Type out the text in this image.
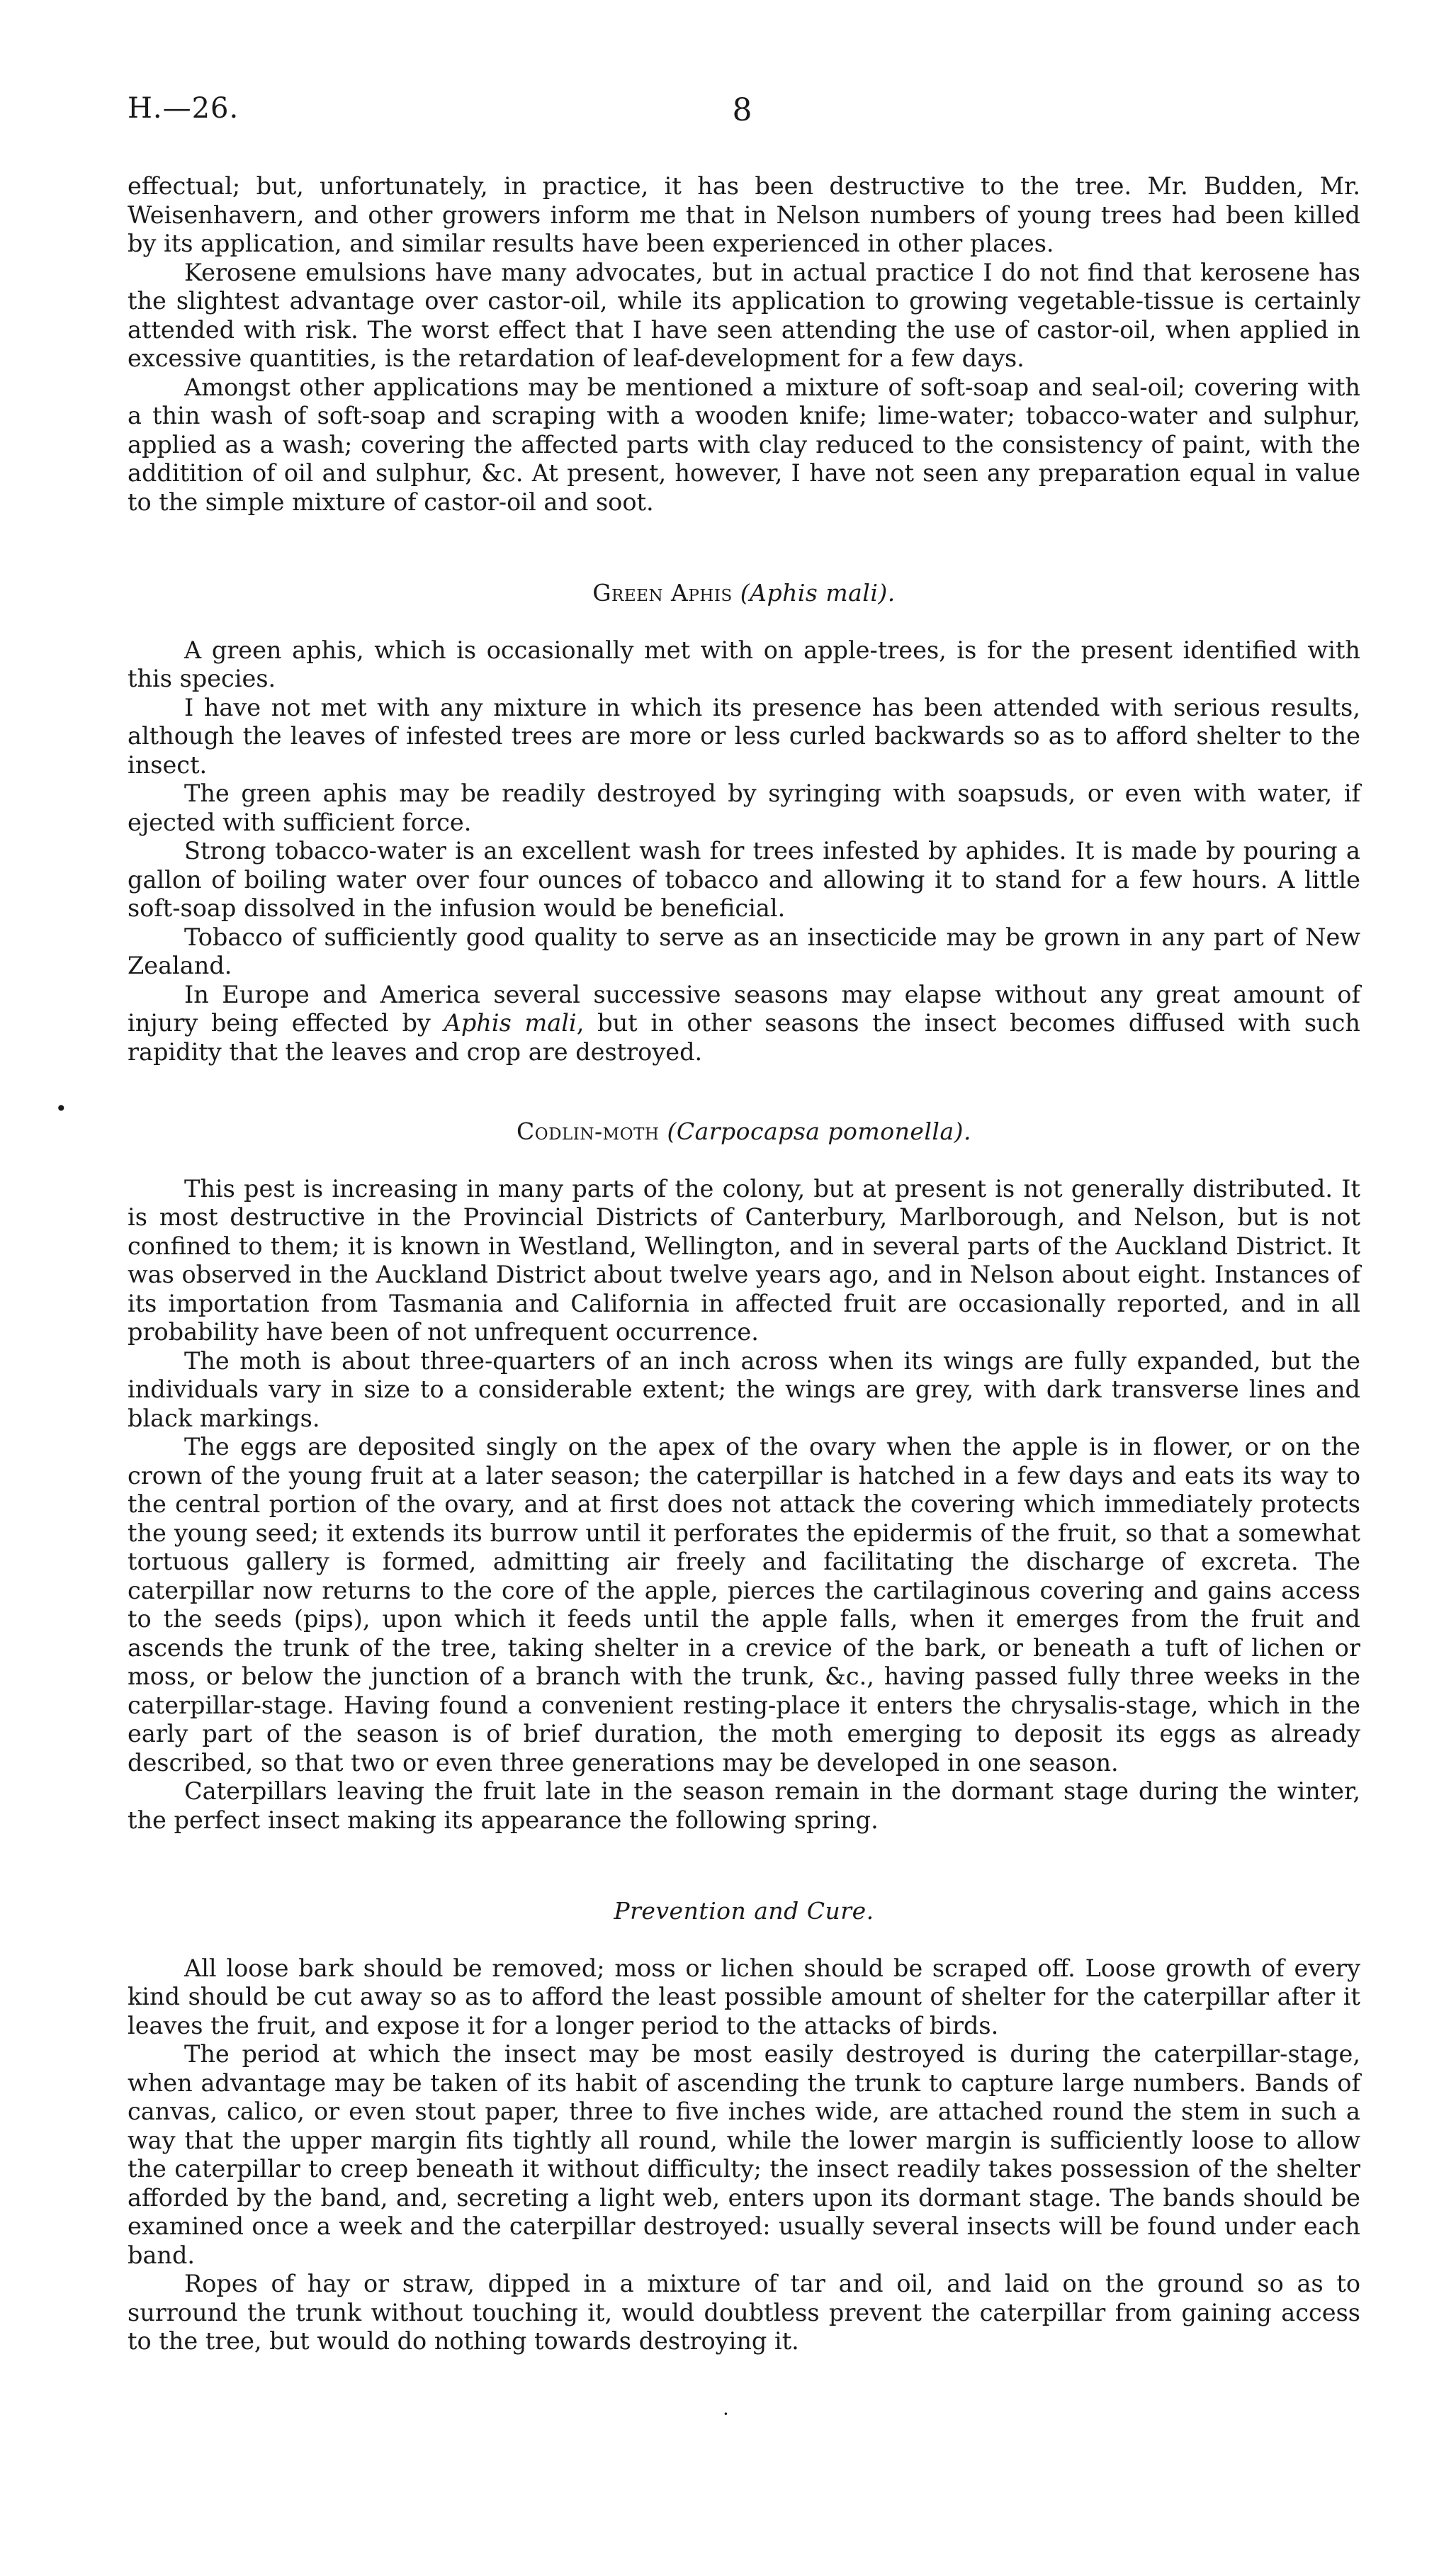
H.—26.	8

effectual; but, unfortunately, in practice, it has been destructive to the tree. Mr. Budden, Mr. Weisenhavern, and other growers inform me that in Nelson numbers of young trees had been killed by its application, and similar results have been experienced in other places.

Kerosene emulsions have many advocates, but in actual practice I do not find that kerosene has the slightest advantage over castor-oil, while its application to growing vegetable-tissue is certainly attended with risk. The worst effect that I have seen attending the use of castor-oil, when applied in excessive quantities, is the retardation of leaf-development for a few days.

Amongst other applications may be mentioned a mixture of soft-soap and seal-oil; covering with a thin wash of soft-soap and scraping with a wooden knife; lime-water; tobacco-water and sulphur, applied as a wash; covering the affected parts with clay reduced to the consistency of paint, with the additition of oil and sulphur, &c. At present, however, I have not seen any preparation equal in value to the simple mixture of castor-oil and soot.

Green Aphis (Aphis mali).

A green aphis, which is occasionally met with on apple-trees, is for the present identified with this species.

I have not met with any mixture in which its presence has been attended with serious results, although the leaves of infested trees are more or less curled backwards so as to afford shelter to the insect.

The green aphis may be readily destroyed by syringing with soapsuds, or even with water, if ejected with sufficient force.

Strong tobacco-water is an excellent wash for trees infested by aphides. It is made by pouring a gallon of boiling water over four ounces of tobacco and allowing it to stand for a few hours. A little soft-soap dissolved in the infusion would be beneficial.

Tobacco of sufficiently good quality to serve as an insecticide may be grown in any part of New Zealand.

In Europe and America several successive seasons may elapse without any great amount of injury being effected by Aphis mali, but in other seasons the insect becomes diffused with such rapidity that the leaves and crop are destroyed.

Codlin-moth (Carpocapsa pomonella).

This pest is increasing in many parts of the colony, but at present is not generally distributed. It is most destructive in the Provincial Districts of Canterbury, Marlborough, and Nelson, but is not confined to them; it is known in Westland, Wellington, and in several parts of the Auckland District. It was observed in the Auckland District about twelve years ago, and in Nelson about eight. Instances of its importation from Tasmania and California in affected fruit are occasionally reported, and in all probability have been of not unfrequent occurrence.

The moth is about three-quarters of an inch across when its wings are fully expanded, but the individuals vary in size to a considerable extent; the wings are grey, with dark transverse lines and black markings.

The eggs are deposited singly on the apex of the ovary when the apple is in flower, or on the crown of the young fruit at a later season; the caterpillar is hatched in a few days and eats its way to the central portion of the ovary, and at first does not attack the covering which immediately protects the young seed; it extends its burrow until it perforates the epidermis of the fruit, so that a somewhat tortuous gallery is formed, admitting air freely and facilitating the discharge of excreta. The caterpillar now returns to the core of the apple, pierces the cartilaginous covering and gains access to the seeds (pips), upon which it feeds until the apple falls, when it emerges from the fruit and ascends the trunk of the tree, taking shelter in a crevice of the bark, or beneath a tuft of lichen or moss, or below the junction of a branch with the trunk, &c., having passed fully three weeks in the caterpillar-stage. Having found a convenient resting-place it enters the chrysalis-stage, which in the early part of the season is of brief duration, the moth emerging to deposit its eggs as already described, so that two or even three generations may be developed in one season.

Caterpillars leaving the fruit late in the season remain in the dormant stage during the winter, the perfect insect making its appearance the following spring.

Prevention and Cure.

All loose bark should be removed; moss or lichen should be scraped off. Loose growth of every kind should be cut away so as to afford the least possible amount of shelter for the caterpillar after it leaves the fruit, and expose it for a longer period to the attacks of birds.

The period at which the insect may be most easily destroyed is during the caterpillar-stage, when advantage may be taken of its habit of ascending the trunk to capture large numbers. Bands of canvas, calico, or even stout paper, three to five inches wide, are attached round the stem in such a way that the upper margin fits tightly all round, while the lower margin is sufficiently loose to allow the caterpillar to creep beneath it without difficulty; the insect readily takes possession of the shelter afforded by the band, and, secreting a light web, enters upon its dormant stage. The bands should be examined once a week and the caterpillar destroyed: usually several insects will be found under each band.

Ropes of hay or straw, dipped in a mixture of tar and oil, and laid on the ground so as to surround the trunk without touching it, would doubtless prevent the caterpillar from gaining access to the tree, but would do nothing towards destroying it.

•
·
